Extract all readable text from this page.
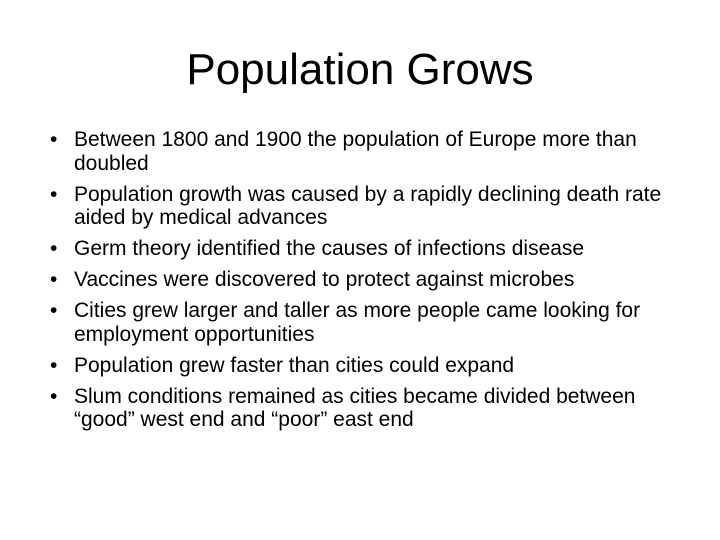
Population Grows
• Between 1800 and 1900 the population of Europe more than doubled
• Population growth was caused by a rapidly declining death rate aided by medical advances
• Germ theory identified the causes of infections disease
• Vaccines were discovered to protect against microbes
• Cities grew larger and taller as more people came looking for employment opportunities
• Population grew faster than cities could expand
• Slum conditions remained as cities became divided between “good” west end and “poor” east end
